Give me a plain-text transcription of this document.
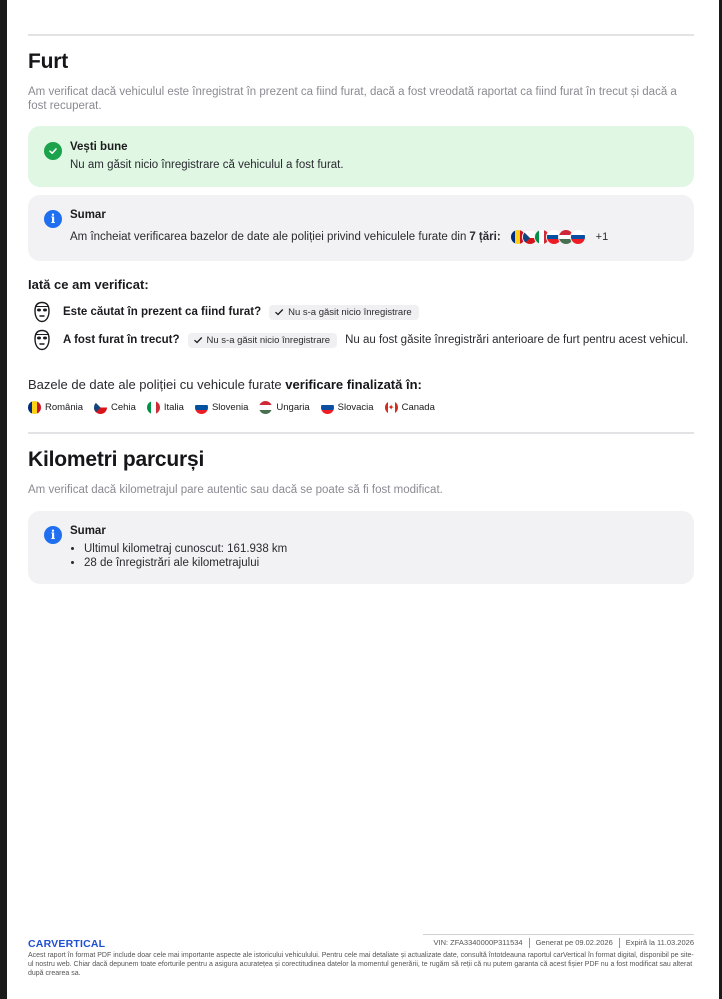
Furt

Am verificat dacă vehiculul este înregistrat în prezent ca fiind furat, dacă a fost vreodată raportat ca fiind furat în trecut și dacă a fost recuperat.

Vești bune
Nu am găsit nicio înregistrare că vehiculul a fost furat.
i	Sumar
Am încheiat verificarea bazelor de date ale poliției privind vehiculele furate din 7 țări:	+1
Iată ce am verificat:
Este căutat în prezent ca fiind furat?	Nu s-a găsit nicio înregistrare
A fost furat în trecut?	Nu s-a găsit nicio înregistrare Nu au fost găsite înregistrări anterioare de furt pentru acest vehicul.
Bazele de date ale poliției cu vehicule furate verificare finalizată în:
România	Cehia	Italia	Slovenia	Ungaria	Slovacia ✦ Canada
Kilometri parcurși

Am verificat dacă kilometrajul pare autentic sau dacă se poate să fi fost modificat.

i	Sumar
• Ultimul kilometraj cunoscut: 161.938 km
• 28 de înregistrări ale kilometrajului
CARVERTICAL	VIN: ZFA3340000P311534 Generat pe 09.02.2026 Expiră la 11.03.2026
Acest raport în format PDF include doar cele mai importante aspecte ale istoricului vehiculului. Pentru cele mai detaliate și actualizate date, consultă întotdeauna raportul carVertical în format digital, disponibil pe site-ul nostru web. Chiar dacă depunem toate eforturile pentru a asigura acuratețea și corectitudinea datelor la momentul generării, te rugăm să reții că nu putem garanta că acest fișier PDF nu a fost modificat sau alterat după crearea sa.
